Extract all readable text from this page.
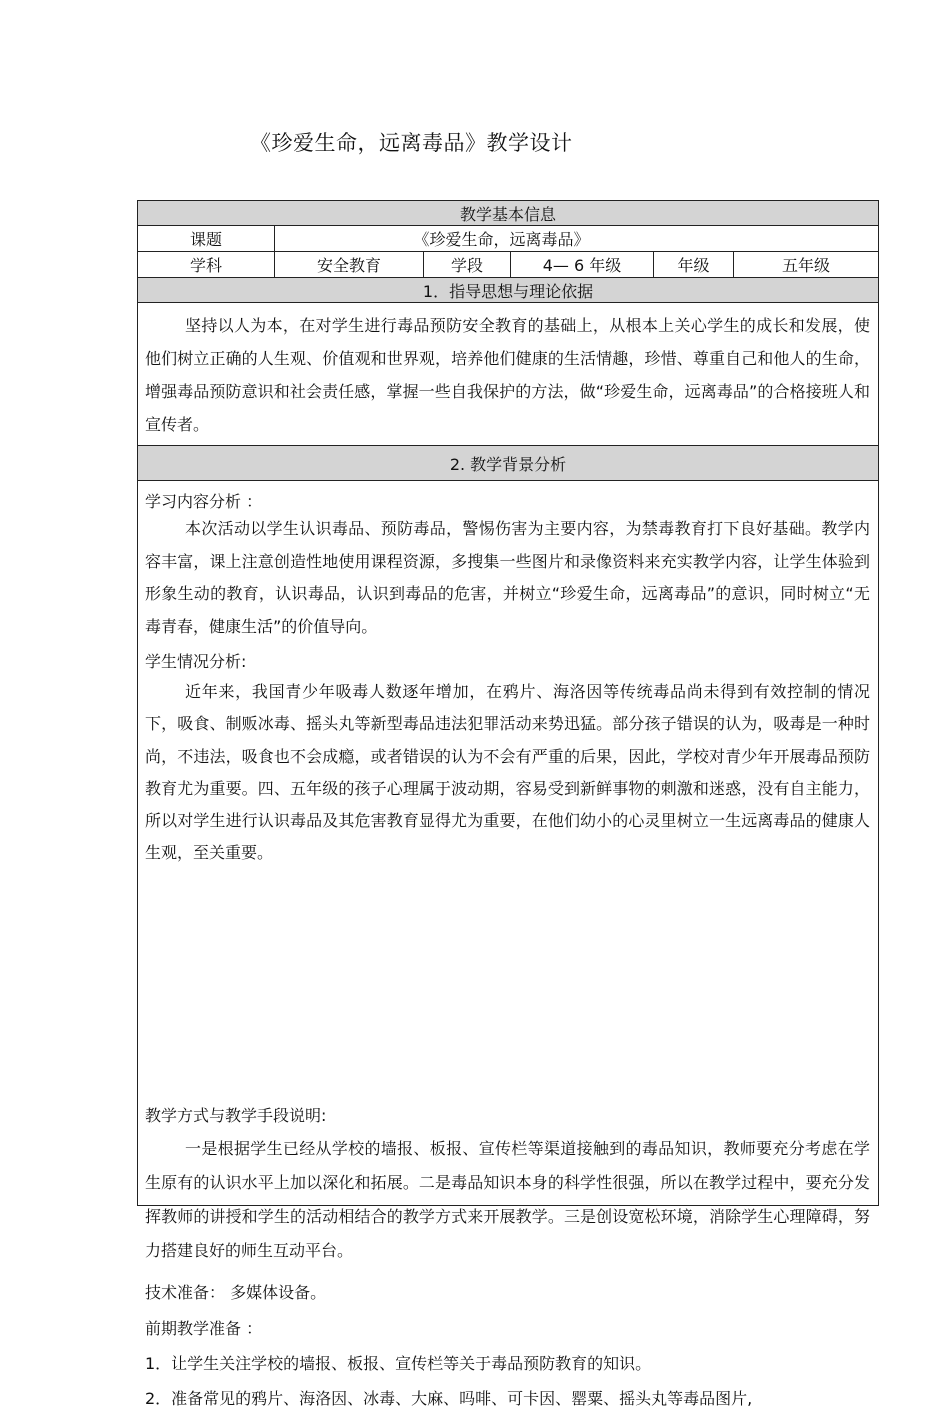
《珍爱生命，远离毒品》教学设计
教学基本信息
课题	《珍爱生命，远离毒品》
学科	安全教育	学段	4— 6 年级	年级	五年级
1．指导思想与理论依据
坚持以人为本，在对学生进行毒品预防安全教育的基础上，从根本上关心学生的成长和发展，使他们树立正确的人生观、价值观和世界观，培养他们健康的生活情趣，珍惜、尊重自己和他人的生命，增强毒品预防意识和社会责任感，掌握一些自我保护的方法，做“珍爱生命，远离毒品”的合格接班人和宣传者。
2. 教学背景分析
学习内容分析 ：
本次活动以学生认识毒品、预防毒品，警惕伤害为主要内容，为禁毒教育打下良好基础。教学内容丰富，课上注意创造性地使用课程资源，多搜集一些图片和录像资料来充实教学内容，让学生体验到形象生动的教育，认识毒品，认识到毒品的危害，并树立“珍爱生命，远离毒品”的意识，同时树立“无毒青春，健康生活”的价值导向。
学生情况分析:
近年来，我国青少年吸毒人数逐年增加，在鸦片、海洛因等传统毒品尚未得到有效控制的情况下，吸食、制贩冰毒、摇头丸等新型毒品违法犯罪活动来势迅猛。部分孩子错误的认为，吸毒是一种时尚，不违法，吸食也不会成瘾，或者错误的认为不会有严重的后果，因此，学校对青少年开展毒品预防教育尤为重要。四、五年级的孩子心理属于波动期，容易受到新鲜事物的刺激和迷惑，没有自主能力，所以对学生进行认识毒品及其危害教育显得尤为重要，在他们幼小的心灵里树立一生远离毒品的健康人生观，至关重要。
教学方式与教学手段说明:
一是根据学生已经从学校的墙报、板报、宣传栏等渠道接触到的毒品知识，教师要充分考虑在学生原有的认识水平上加以深化和拓展。二是毒品知识本身的科学性很强，所以在教学过程中，要充分发挥教师的讲授和学生的活动相结合的教学方式来开展教学。三是创设宽松环境，消除学生心理障碍，努力搭建良好的师生互动平台。
技术准备： 多媒体设备。
前期教学准备 ：
1．让学生关注学校的墙报、板报、宣传栏等关于毒品预防教育的知识。
2．准备常见的鸦片、海洛因、冰毒、大麻、吗啡、可卡因、罂粟、摇头丸等毒品图片,
